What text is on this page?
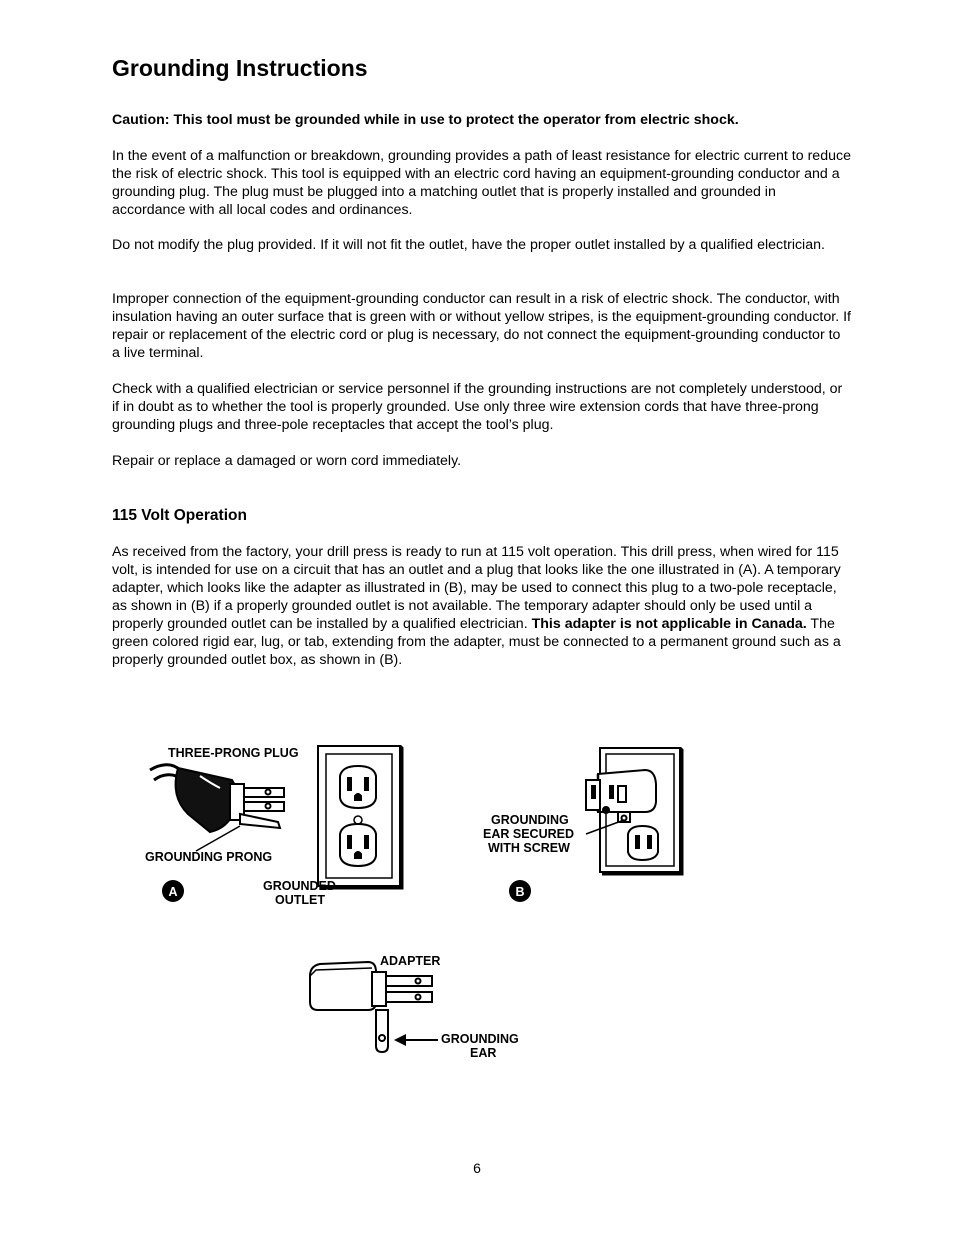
Grounding Instructions

Caution: This tool must be grounded while in use to protect the operator from electric shock.

In the event of a malfunction or breakdown, grounding provides a path of least resistance for electric current to reduce the risk of electric shock. This tool is equipped with an electric cord having an equipment-grounding conductor and a grounding plug. The plug must be plugged into a matching outlet that is properly installed and grounded in accordance with all local codes and ordinances.

Do not modify the plug provided. If it will not fit the outlet, have the proper outlet installed by a qualified electrician.

Improper connection of the equipment-grounding conductor can result in a risk of electric shock. The conductor, with insulation having an outer surface that is green with or without yellow stripes, is the equipment-grounding conductor. If repair or replacement of the electric cord or plug is necessary, do not connect the equipment-grounding conductor to a live terminal.

Check with a qualified electrician or service personnel if the grounding instructions are not completely understood, or if in doubt as to whether the tool is properly grounded. Use only three wire extension cords that have three-prong grounding plugs and three-pole receptacles that accept the tool’s plug.

Repair or replace a damaged or worn cord immediately.

115 Volt Operation

As received from the factory, your drill press is ready to run at 115 volt operation. This drill press, when wired for 115 volt, is intended for use on a circuit that has an outlet and a plug that looks like the one illustrated in (A). A temporary adapter, which looks like the adapter as illustrated in (B), may be used to connect this plug to a two-pole receptacle, as shown in (B) if a properly grounded outlet is not available. The temporary adapter should only be used until a properly grounded outlet can be installed by a qualified electrician. This adapter is not applicable in Canada. The green colored rigid ear, lug, or tab, extending from the adapter, must be connected to a permanent ground such as a properly grounded outlet box, as shown in (B).

THREE-PRONG PLUG
GROUNDING PRONG
A	GROUNDED
OUTLET
GROUNDING
EAR SECURED
WITH SCREW
B
ADAPTER
GROUNDING
EAR
6
